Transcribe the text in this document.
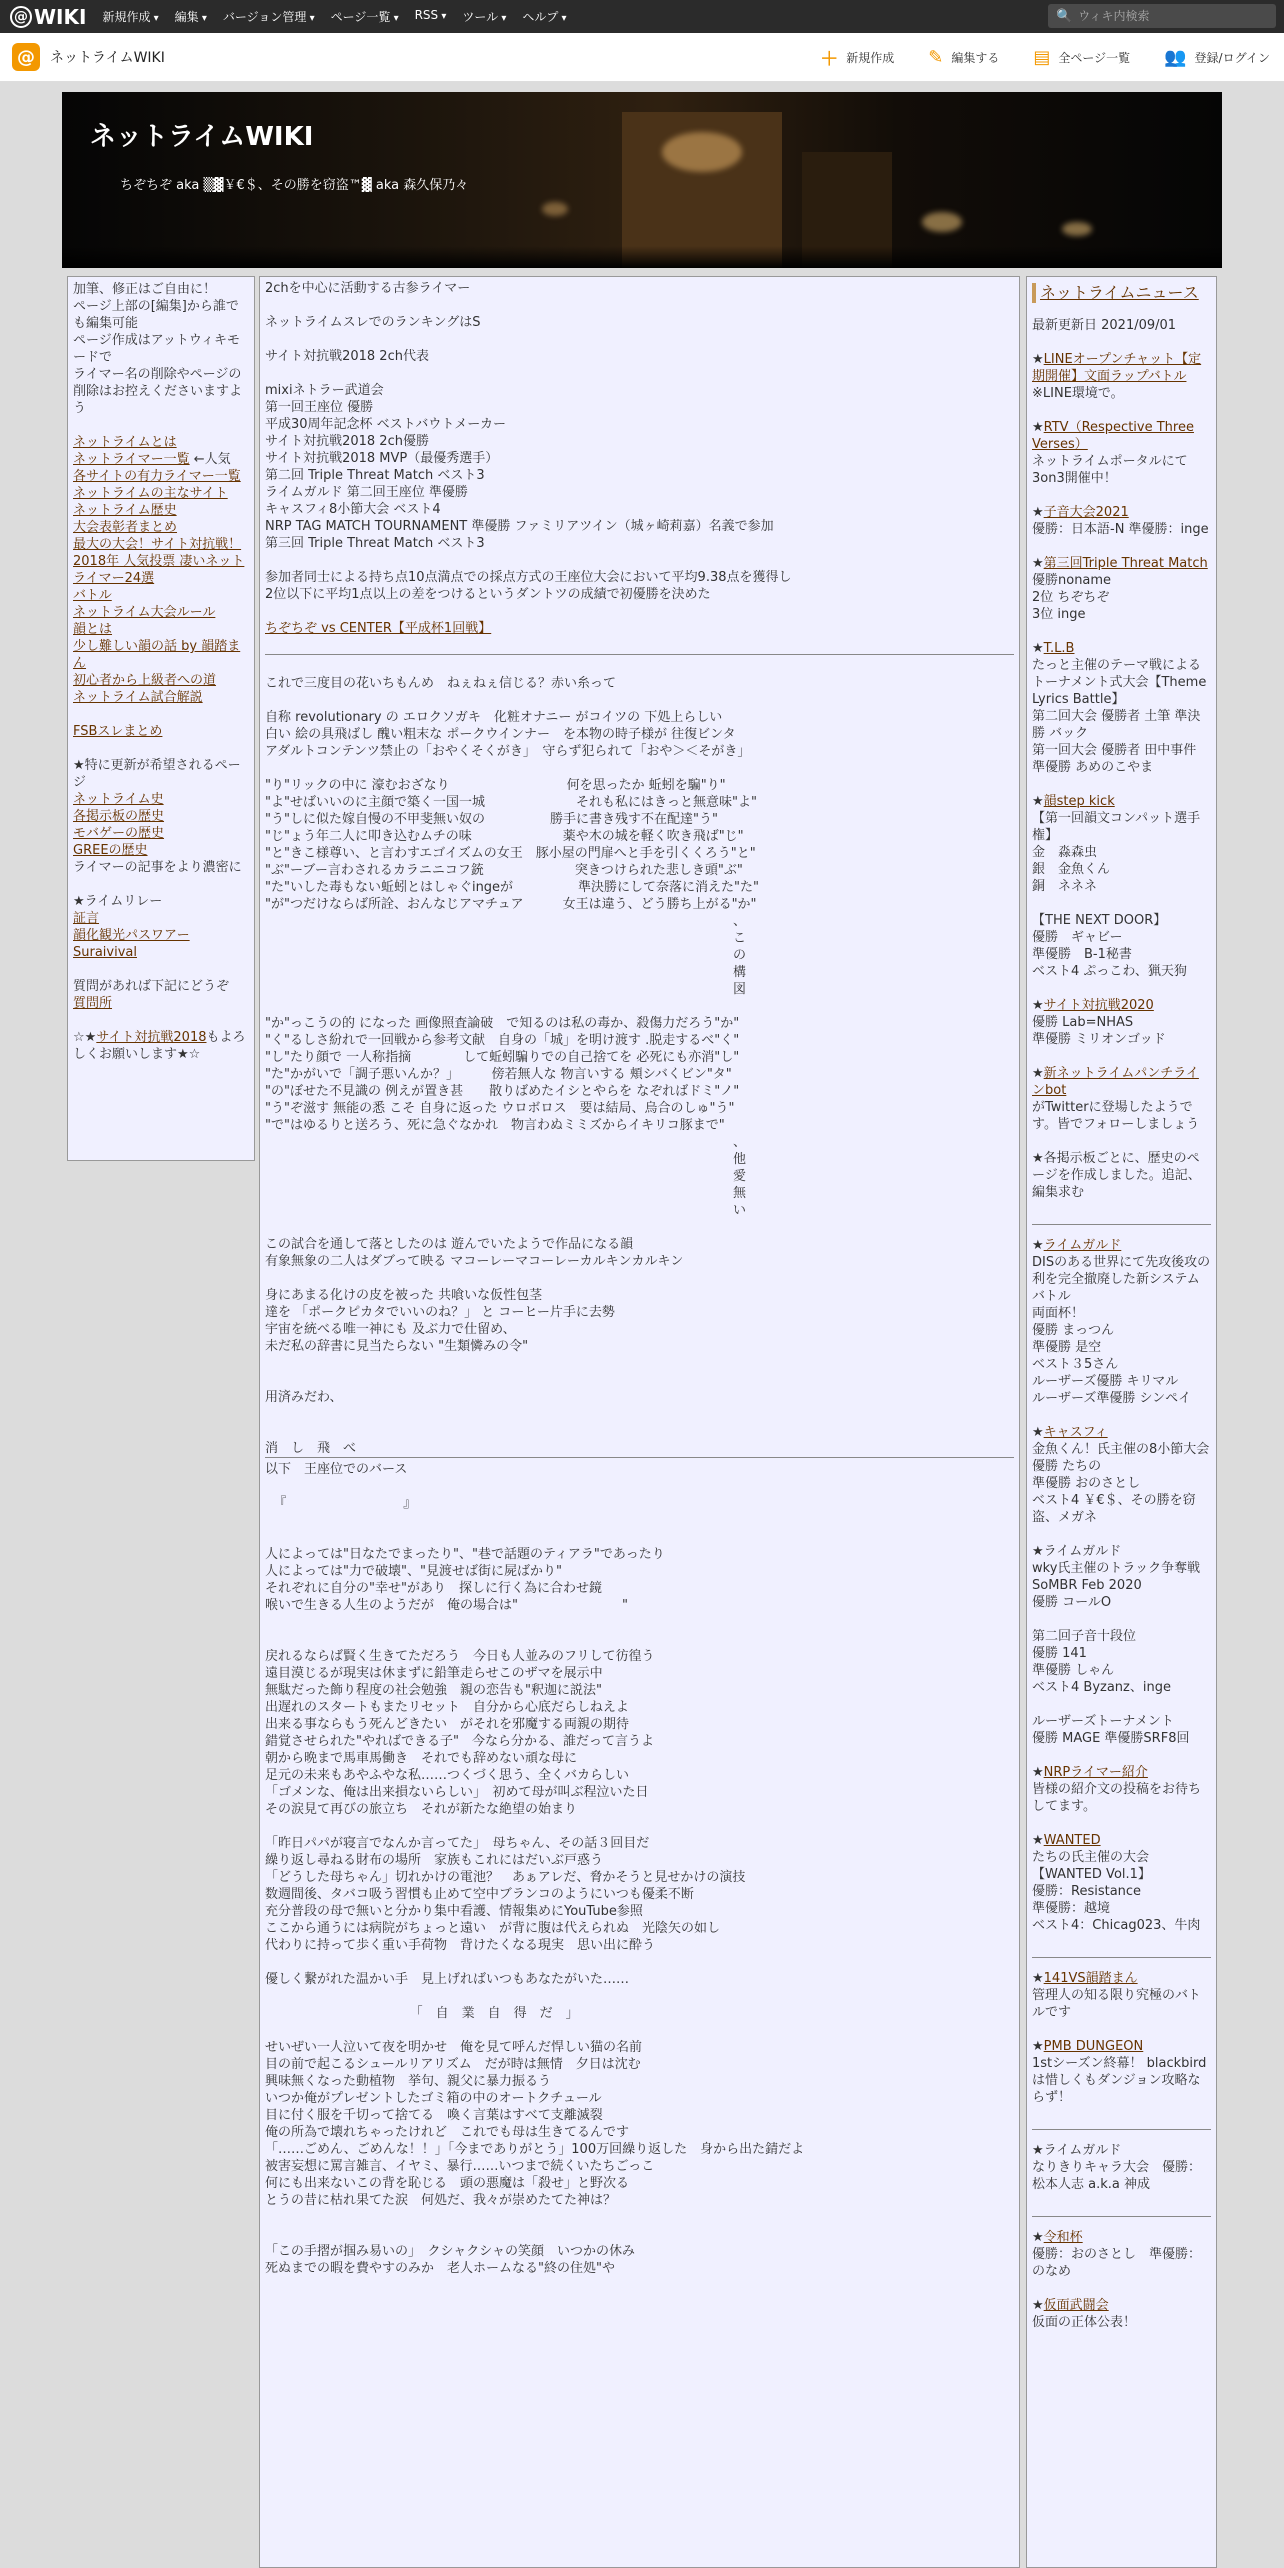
@ WIKI 新規作成 ▾	編集 ▾	バージョン管理 ▾	ページ一覧 ▾	RSS ▾	ツール ▾	ヘルプ ▾	🔍
ウィキ内検索
@	ネットライムWIKI	＋ 新規作成 ✎ 編集する ▤ 全ページ一覧 👥 登録/ログイン
ネットライムWIKI
ちぞちぞ aka ▒▓￥€＄、その勝を窃盗™▓ aka 森久保乃々
加筆、修正はご自由に！
ページ上部の[編集]から誰でも編集可能
ページ作成はアットウィキモードで
ライマー名の削除やページの削除はお控えくださいますよう
ネットライムとは
ネットライマー一覧 ←人気
各サイトの有力ライマー一覧
ネットライムの主なサイト
ネットライム歴史
大会表彰者まとめ
最大の大会！サイト対抗戦！
2018年 人気投票 凄いネットライマー24選
バトル
ネットライム大会ルール
韻とは
少し難しい韻の話 by 韻踏まん
初心者から上級者への道
ネットライム試合解説
FSBスレまとめ
★特に更新が希望されるページ
ネットライム史
各掲示板の歴史
モバゲーの歴史
GREEの歴史
ライマーの記事をより濃密に
★ライムリレー
証言
韻化観光パスワアー
Suraivival
質問があれば下記にどうぞ
質問所
☆★サイト対抗戦2018もよろしくお願いします★☆
2chを中心に活動する古参ライマー
ネットライムスレでのランキングはS
サイト対抗戦2018 2ch代表
mixiネトラー武道会
第一回王座位 優勝
平成30周年記念杯 ベストバウトメーカー
サイト対抗戦2018 2ch優勝
サイト対抗戦2018 MVP（最優秀選手）
第二回 Triple Threat Match ベスト3
ライムガルド 第二回王座位 準優勝
キャスフィ8小節大会 ベスト4
NRP TAG MATCH TOURNAMENT 準優勝 ファミリアツイン（城ヶ崎莉嘉）名義で参加
第三回 Triple Threat Match ベスト3
参加者同士による持ち点10点満点での採点方式の王座位大会において平均9.38点を獲得し
2位以下に平均1点以上の差をつけるというダントツの成績で初優勝を決めた
ちぞちぞ vs CENTER【平成杯1回戦】
これで三度目の花いちもんめ　ねぇねぇ信じる？赤い糸って
自称 revolutionary の エロクソガキ　化粧オナニー がコイツの 下処上らしい
白い 絵の具飛ばし 醜い粗末な ポークウインナー　を本物の時子様が 往復ビンタ
アダルトコンテンツ禁止の「おやくそくがき」　守らず犯られて「おや＞＜そがき」
"り"リックの中に 濠むおざなり　　　　　　　　　何を思ったか 蚯蚓を騙"り"
"よ"せばいいのに主顔で築く一国一城　　　　　　　それも私にはきっと無意味"よ"
"う"しに似た嫁自慢の不甲斐無い奴の　　　　　勝手に書き残す不在配達"う"
"じ"ょう年二人に叩き込むムチの味　　　　　　　薬や木の城を軽く吹き飛ば"じ"
"と"きこ様尊い、と言わすエゴイズムの女王　豚小屋の門扉へと手を引くくろう"と"
"ぶ"ーブー言わされるカラニニコフ銃　　　　　　　突きつけられた悲しき頭"ぶ"
"た"いした毒もない蚯蚓とはしゃぐingeが　　　　　準決勝にして奈落に消えた"た"
"が"つだけならば所詮、おんなじアマチュア　　　女王は違う、どう勝ち上がる"か"
、
こ
の
構
図
"か"っこうの的 になった 画像照査論破　で知るのは私の毒か、殺傷力だろう"か"
"く"るしさ紛れで一回戦から参考文献　自身の「城」を明け渡す .脱走するべ"く"
"し"たり顔で 一人称指摘　　　　して蚯蚓騙りでの自己捨てを 必死にも亦消"し"
"た"かがいで「調子悪いんか？」　　　傍若無人な 物言いする 頬シバくビン"タ"
"の"ぼせた不見識の 例えが置き甚　　散りばめたイシとやらを なぞればドミ"ノ"
"う"ぞ滋す 無能の悉 こそ 自身に返った ウロボロス　要は結局、烏合のしゅ"う"
"で"はゆるりと送ろう、死に急ぐなかれ　物言わぬミミズからイキリコ豚まで"
、
他
愛
無
い
この試合を通して落としたのは 遊んでいたようで作品になる韻
有象無象の二人はダブって映る マコーレーマコーレーカルキンカルキン
身にあまる化けの皮を被った 共喰いな仮性包茎
達を 「ポークピカタでいいのね？」 と コーヒー片手に去勢
宇宙を統べる唯一神にも 及ぶ力で仕留め、
未だ私の辞書に見当たらない "生類憐みの令"
用済みだわ、
消　し　飛　べ
以下　王座位でのバース
『　　　　　　　　　』
人によっては"日なたでまったり"、"巷で話題のティアラ"であったり
人によっては"力で破壊"、"見渡せば街に屍ばかり"
それぞれに自分の"幸せ"があり　探しに行く為に合わせ鏡
喉いで生きる人生のようだが　俺の場合は"　　　　　　　　"
戻れるならば賢く生きてただろう　今日も人並みのフリして彷徨う
遠目漠じるが現実は休まずに鉛筆走らせこのザマを展示中
無駄だった飾り程度の社会勉強　親の恋告も"釈迦に説法"
出遅れのスタートもまたリセット　自分から心底だらしねえよ
出来る事ならもう死んどきたい　がそれを邪魔する両親の期待
錯覚させられた"やればできる子"　今なら分かる、誰だって言うよ
朝から晩まで馬車馬働き　それでも辞めない頑な母に
足元の未来もあやふやな私……つくづく思う、全くバカらしい
「ゴメンな、俺は出来損ないらしい」　初めて母が叫ぶ程泣いた日
その涙見て再びの旅立ち　それが新たな絶望の始まり
「昨日パパが寝言でなんか言ってた」　母ちゃん、その話３回目だ
繰り返し尋ねる財布の場所　家族もこれにはだいぶ戸惑う
「どうした母ちゃん」切れかけの電池？　あぁアレだ、脅かそうと見せかけの演技
数週間後、タバコ吸う習慣も止めて空中ブランコのようにいつも優柔不断
充分普段の母で無いと分かり集中看護、情報集めにYouTube参照
ここから通うには病院がちょっと遠い　が背に腹は代えられぬ　光陰矢の如し
代わりに持って歩く重い手荷物　背けたくなる現実　思い出に酔う
優しく繋がれた温かい手　見上げればいつもあなたがいた……
「　自　業　自　得　だ　」
せいぜい一人泣いて夜を明かせ　俺を見て呼んだ悍しい猫の名前
目の前で起こるシュールリアリズム　だが時は無情　夕日は沈む
興味無くなった動植物　挙句、親父に暴力振るう
いつか俺がプレゼントしたゴミ箱の中のオートクチュール
目に付く服を千切って捨てる　喚く言葉はすべて支離滅裂
俺の所為で壊れちゃったけれど　これでも母は生きてるんです
「……ごめん、ごめんな！！」「今までありがとう」100万回繰り返した　身から出た錆だよ
被害妄想に罵言雑言、イヤミ、暴行……いつまで続くいたちごっこ
何にも出来ないこの背を恥じる　頭の悪魔は「殺せ」と野次る
とうの昔に枯れ果てた涙　何処だ、我々が崇めたてた神は？
「この手摺が掴み易いの」　クシャクシャの笑顔　いつかの休み
死ぬまでの暇を費やすのみか　老人ホームなる"終の住処"や
ネットライムニュース
最新更新日 2021/09/01
★LINEオープンチャット【定期開催】文面ラップバトル
※LINE環境で。
★RTV（Respective Three Verses）
ネットライムポータルにて3on3開催中！
★子音大会2021
優勝：日本語-N 準優勝：inge
★第三回Triple Threat Match
優勝noname
2位 ちぞちぞ
3位 inge
★T.L.B
たっと主催のテーマ戦によるトーナメント式大会【Theme Lyrics Battle】
第二回大会 優勝者 土筆 準決勝 バック
第一回大会 優勝者 田中事件 準優勝 あめのこやま
★韻step kick
【第一回韻文コンパット選手権】
金　淼森虫
銀　金魚くん
銅　ネネネ
【THE NEXT DOOR】
優勝　ギャビー
準優勝　B-1秘書
ベスト4 ぷっこわ、猟天狗
★サイト対抗戦2020
優勝 Lab=NHAS
準優勝 ミリオンゴッド
★新ネットライムパンチラインbot
がTwitterに登場したようです。皆でフォローしましょう
★各掲示板ごとに、歴史のページを作成しました。追記、編集求む
★ライムガルド
DISのある世界にて先攻後攻の利を完全撤廃した新システムバトル
両面杯！
優勝 まっつん
準優勝 是空
ベスト３5さん
ルーザーズ優勝 キリマル
ルーザーズ準優勝 シンペイ
★キャスフィ
金魚くん！氏主催の8小節大会
優勝 たちの
準優勝 おのさとし
ベスト4 ￥€＄、その勝を窃盗、メガネ
★ライムガルド
wky氏主催のトラック争奪戦
SoMBR Feb 2020
優勝 コールO
第二回子音十段位
優勝 141
準優勝 しゃん
ベスト4 Byzanz、inge
ルーザーズトーナメント
優勝 MAGE 準優勝SRF8回
★NRPライマー紹介
皆様の紹介文の投稿をお待ちしてます。
★WANTED
たちの氏主催の大会
【WANTED Vol.1】
優勝：Resistance
準優勝：越境
ベスト4：Chicag023、牛肉
★141VS韻踏まん
管理人の知る限り究極のバトルです
★PMB DUNGEON
1stシーズン終幕！ blackbirdは惜しくもダンジョン攻略ならず！
★ライムガルド
なりきりキャラ大会　優勝：松本人志 a.k.a 神成
★令和杯
優勝：おのさとし　準優勝：のなめ
★仮面武闘会
仮面の正体公表！
